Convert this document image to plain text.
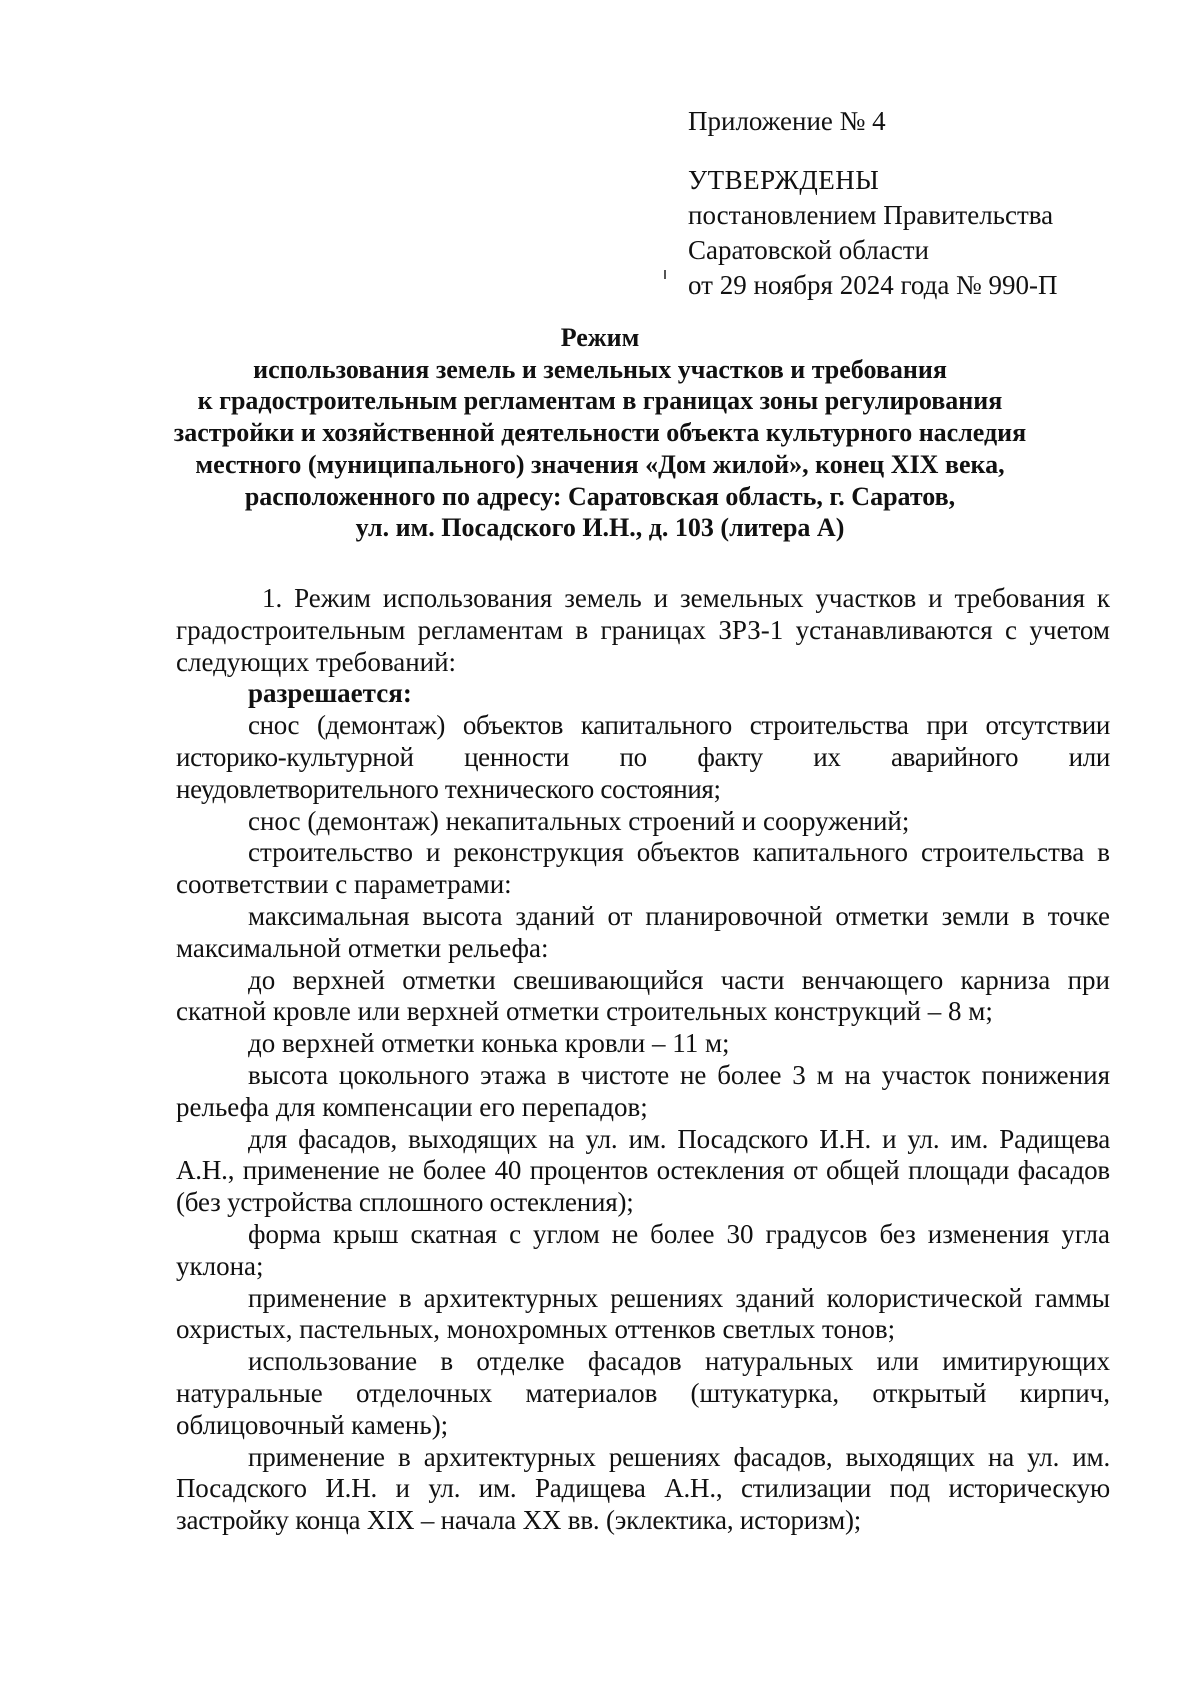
Приложение № 4
УТВЕРЖДЕНЫ
постановлением Правительства
Саратовской области
от 29 ноября 2024 года № 990-П
Режим
использования земель и земельных участков и требования
к градостроительным регламентам в границах зоны регулирования
застройки и хозяйственной деятельности объекта культурного наследия
местного (муниципального) значения «Дом жилой», конец XIX века,
расположенного по адресу: Саратовская область, г. Саратов,
ул. им. Посадского И.Н., д. 103 (литера А)

1. Режим использования земель и земельных участков и требования к градостроительным регламентам в границах ЗРЗ-1 устанавливаются с учетом следующих требований:

разрешается:

снос (демонтаж) объектов капитального строительства при отсутствии историко-культурной ценности по факту их аварийного или неудовлетворительного технического состояния;

снос (демонтаж) некапитальных строений и сооружений;

строительство и реконструкция объектов капитального строительства в соответствии с параметрами:

максимальная высота зданий от планировочной отметки земли в точке максимальной отметки рельефа:

до верхней отметки свешивающийся части венчающего карниза при скатной кровле или верхней отметки строительных конструкций – 8 м;

до верхней отметки конька кровли – 11 м;

высота цокольного этажа в чистоте не более 3 м на участок понижения рельефа для компенсации его перепадов;

для фасадов, выходящих на ул. им. Посадского И.Н. и ул. им. Радищева А.Н., применение не более 40 процентов остекления от общей площади фасадов (без устройства сплошного остекления);

форма крыш скатная с углом не более 30 градусов без изменения угла уклона;

применение в архитектурных решениях зданий колористической гаммы охристых, пастельных, монохромных оттенков светлых тонов;

использование в отделке фасадов натуральных или имитирующих натуральные отделочных материалов (штукатурка, открытый кирпич, облицовочный камень);

применение в архитектурных решениях фасадов, выходящих на ул. им. Посадского И.Н. и ул. им. Радищева А.Н., стилизации под историческую застройку конца XIX – начала XX вв. (эклектика, историзм);
